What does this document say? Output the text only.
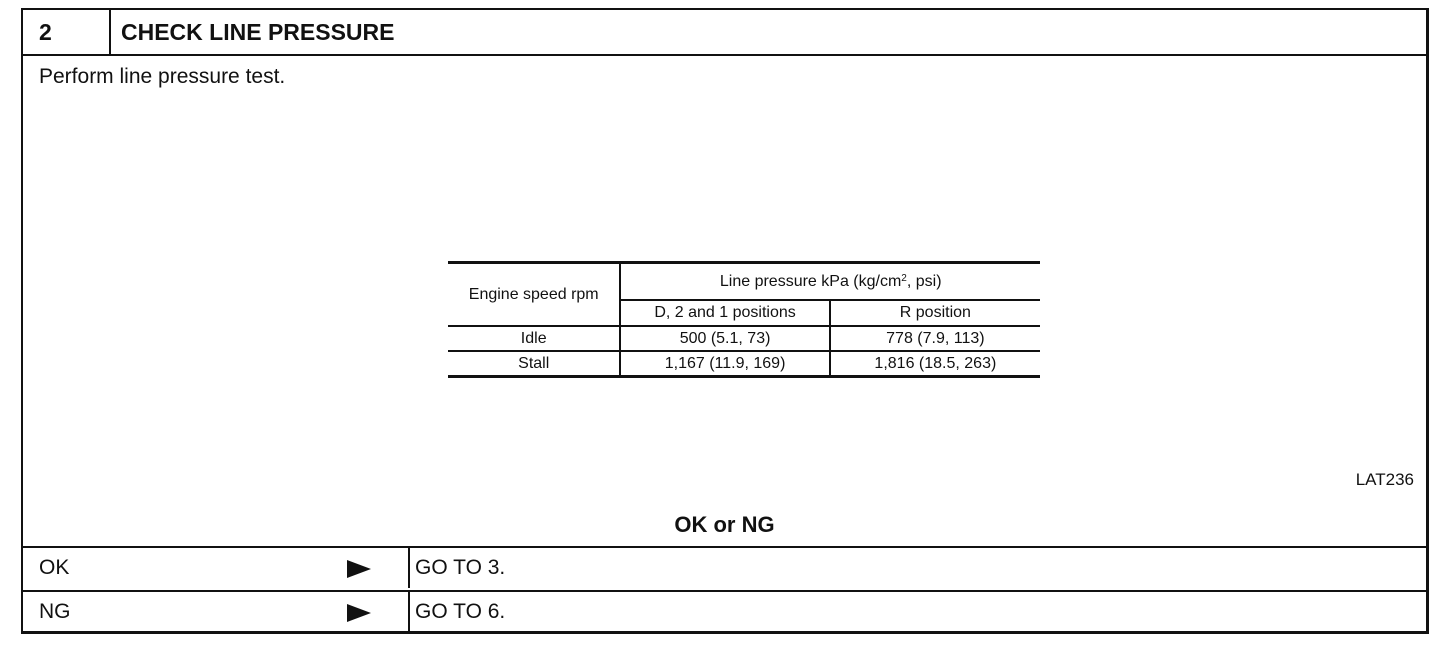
2	CHECK LINE PRESSURE
Perform line pressure test.
Engine speed rpm	Line pressure kPa ($kg/cm^2$, psi)	
	D, 2 and 1 positions	R position
Idle	500 (5.1, 73)	778 (7.9, 113)
Stall	1,167 (11.9, 169)	1,816 (18.5, 263)
LAT236
OK or NG
OK	GO TO 3.
NG	GO TO 6.
